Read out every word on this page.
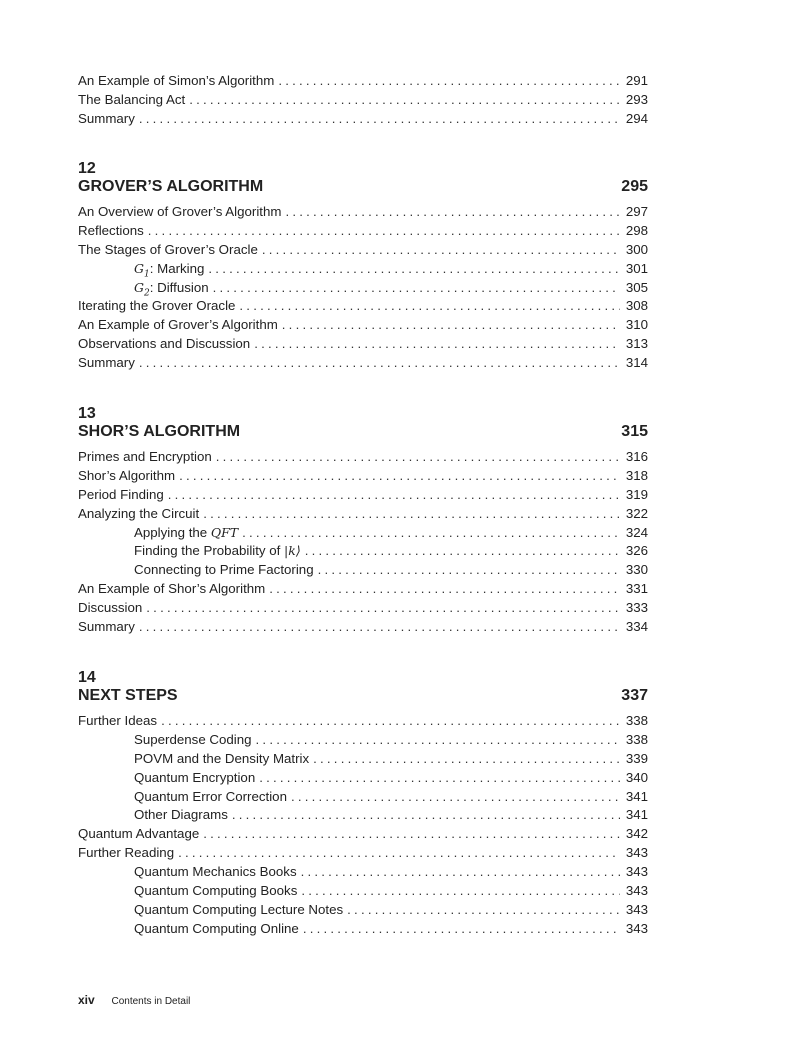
An Example of Simon’s Algorithm . . .	291
The Balancing Act . . .	293
Summary . . .	294
12
GROVER’S ALGORITHM	295
An Overview of Grover’s Algorithm . . .	297
Reflections . . .	298
The Stages of Grover’s Oracle . . .	300
$G_1$: Marking . . .	301
$G_2$: Diffusion . . .	305
Iterating the Grover Oracle . . .	308
An Example of Grover’s Algorithm . . .	310
Observations and Discussion . . .	313
Summary . . .	314
13
SHOR’S ALGORITHM	315
Primes and Encryption . . .	316
Shor’s Algorithm . . .	318
Period Finding . . .	319
Analyzing the Circuit . . .	322
Applying the QFT . . .	324
Finding the Probability of |k⟩ . . .	326
Connecting to Prime Factoring . . .	330
An Example of Shor’s Algorithm . . .	331
Discussion . . .	333
Summary . . .	334
14
NEXT STEPS	337
Further Ideas . . .	338
Superdense Coding . . .	338
POVM and the Density Matrix . . .	339
Quantum Encryption . . .	340
Quantum Error Correction . . .	341
Other Diagrams . . .	341
Quantum Advantage . . .	342
Further Reading . . .	343
Quantum Mechanics Books . . .	343
Quantum Computing Books . . .	343
Quantum Computing Lecture Notes . . .	343
Quantum Computing Online . . .	343
xiv Contents in Detail
